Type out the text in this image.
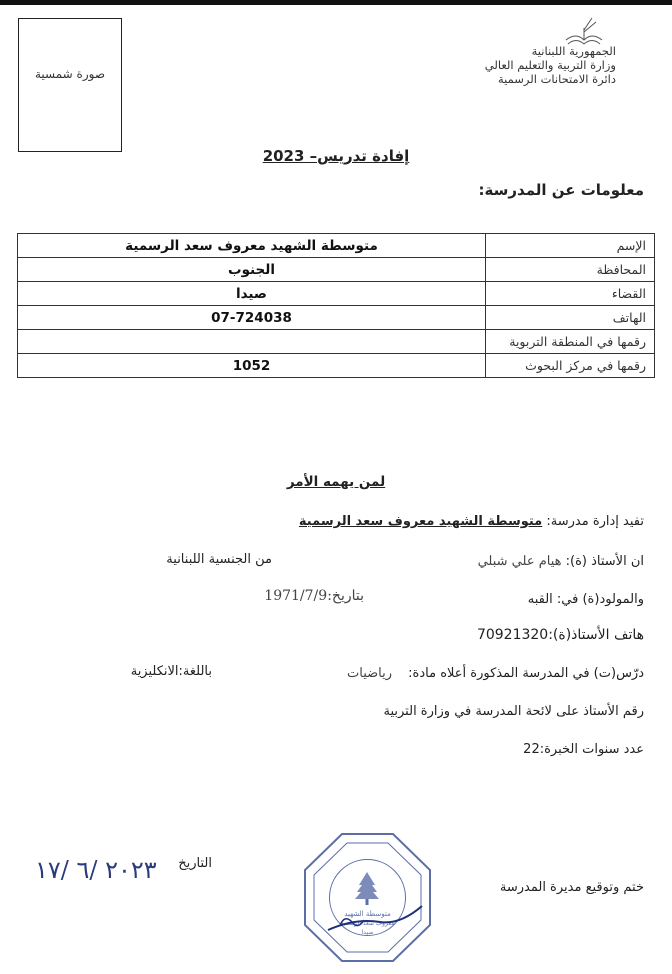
صورة شمسية
الجمهورية اللبنانية
وزارة التربية والتعليم العالي
دائرة الامتحانات الرسمية
إفادة تدريس– 2023
معلومات عن المدرسة:
الإسم	متوسطة الشهيد معروف سعد الرسمية
المحافظة	الجنوب
القضاء	صيدا
الهاتف	07-724038
رقمها في المنطقة التربوية	
رقمها في مركز البحوث	1052
لمن يهمه الأمر
تفيد إدارة مدرسة: متوسطة الشهيد معروف سعد الرسمية
ان الأستاذ (ة): هيام علي شبلي
من الجنسية اللبنانية
والمولود(ة) في: القبه
بتاريخ:1971/7/9
هاتف الأستاذ(ة):70921320
درّس(ت) في المدرسة المذكورة أعلاه مادة: رياضيات
باللغة:الانكليزية
رقم الأستاذ على لائحة المدرسة في وزارة التربية
عدد سنوات الخبرة:22
ختم وتوقيع مديرة المدرسة
التاريخ
٢٠٢٣ /٦ /١٧
متوسطة الشهيد
معروف سعد الرسمية
صيدا
